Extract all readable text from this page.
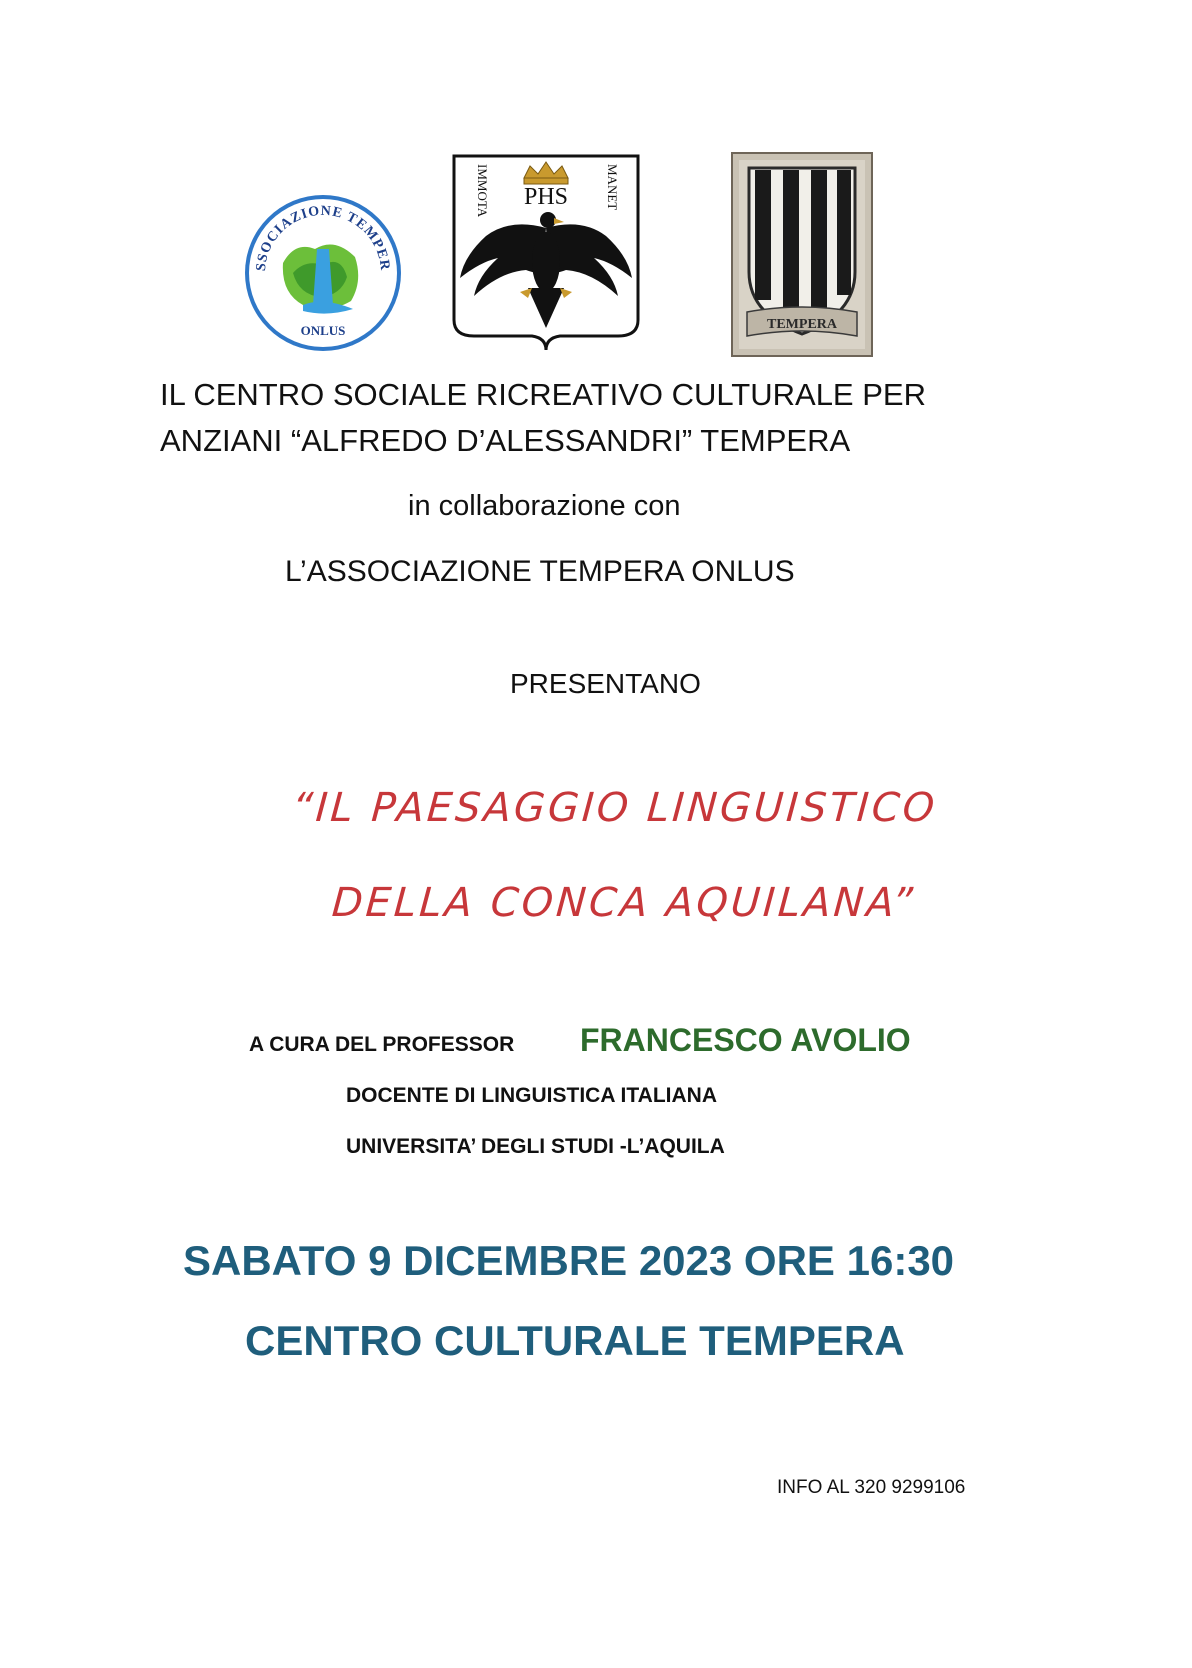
SSOCIAZIONE TEMPER
ONLUS
PHS
IMMOTA	MANET
TEMPERA

IL CENTRO SOCIALE RICREATIVO CULTURALE PER

ANZIANI “ALFREDO D’ALESSANDRI” TEMPERA

in collaborazione con

L’ASSOCIAZIONE TEMPERA ONLUS

PRESENTANO

“IL PAESAGGIO LINGUISTICO
DELLA CONCA AQUILANA”

A CURA DEL PROFESSOR FRANCESCO AVOLIO

DOCENTE DI LINGUISTICA ITALIANA

UNIVERSITA’ DEGLI STUDI -L’AQUILA

SABATO 9 DICEMBRE 2023 ORE 16:30

CENTRO CULTURALE TEMPERA

INFO AL 320 9299106
